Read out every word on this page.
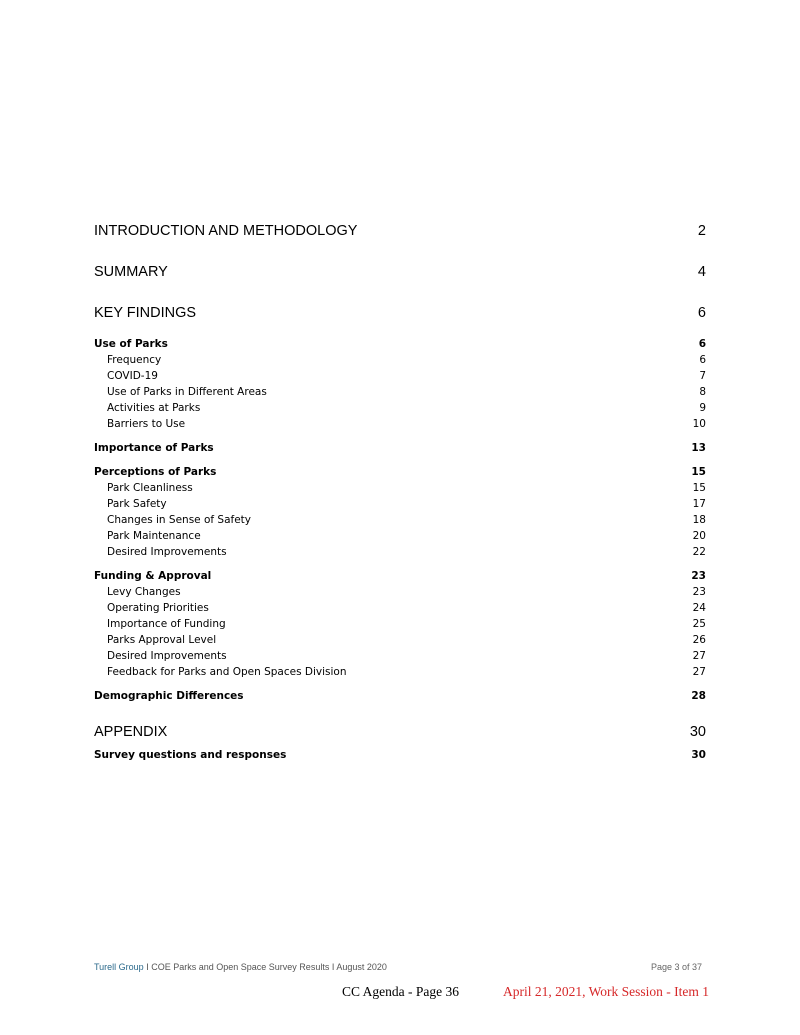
INTRODUCTION AND METHODOLOGY	2
SUMMARY	4
KEY FINDINGS	6
Use of Parks	6
Frequency	6
COVID-19	7
Use of Parks in Different Areas	8
Activities at Parks	9
Barriers to Use	10
Importance of Parks	13
Perceptions of Parks	15
Park Cleanliness	15
Park Safety	17
Changes in Sense of Safety	18
Park Maintenance	20
Desired Improvements	22
Funding & Approval	23
Levy Changes	23
Operating Priorities	24
Importance of Funding	25
Parks Approval Level	26
Desired Improvements	27
Feedback for Parks and Open Spaces Division	27
Demographic Differences	28
APPENDIX	30
Survey questions and responses	30
Turell Group I COE Parks and Open Space Survey Results I August 2020	Page 3 of 37
CC Agenda - Page 36	April 21, 2021, Work Session - Item 1
